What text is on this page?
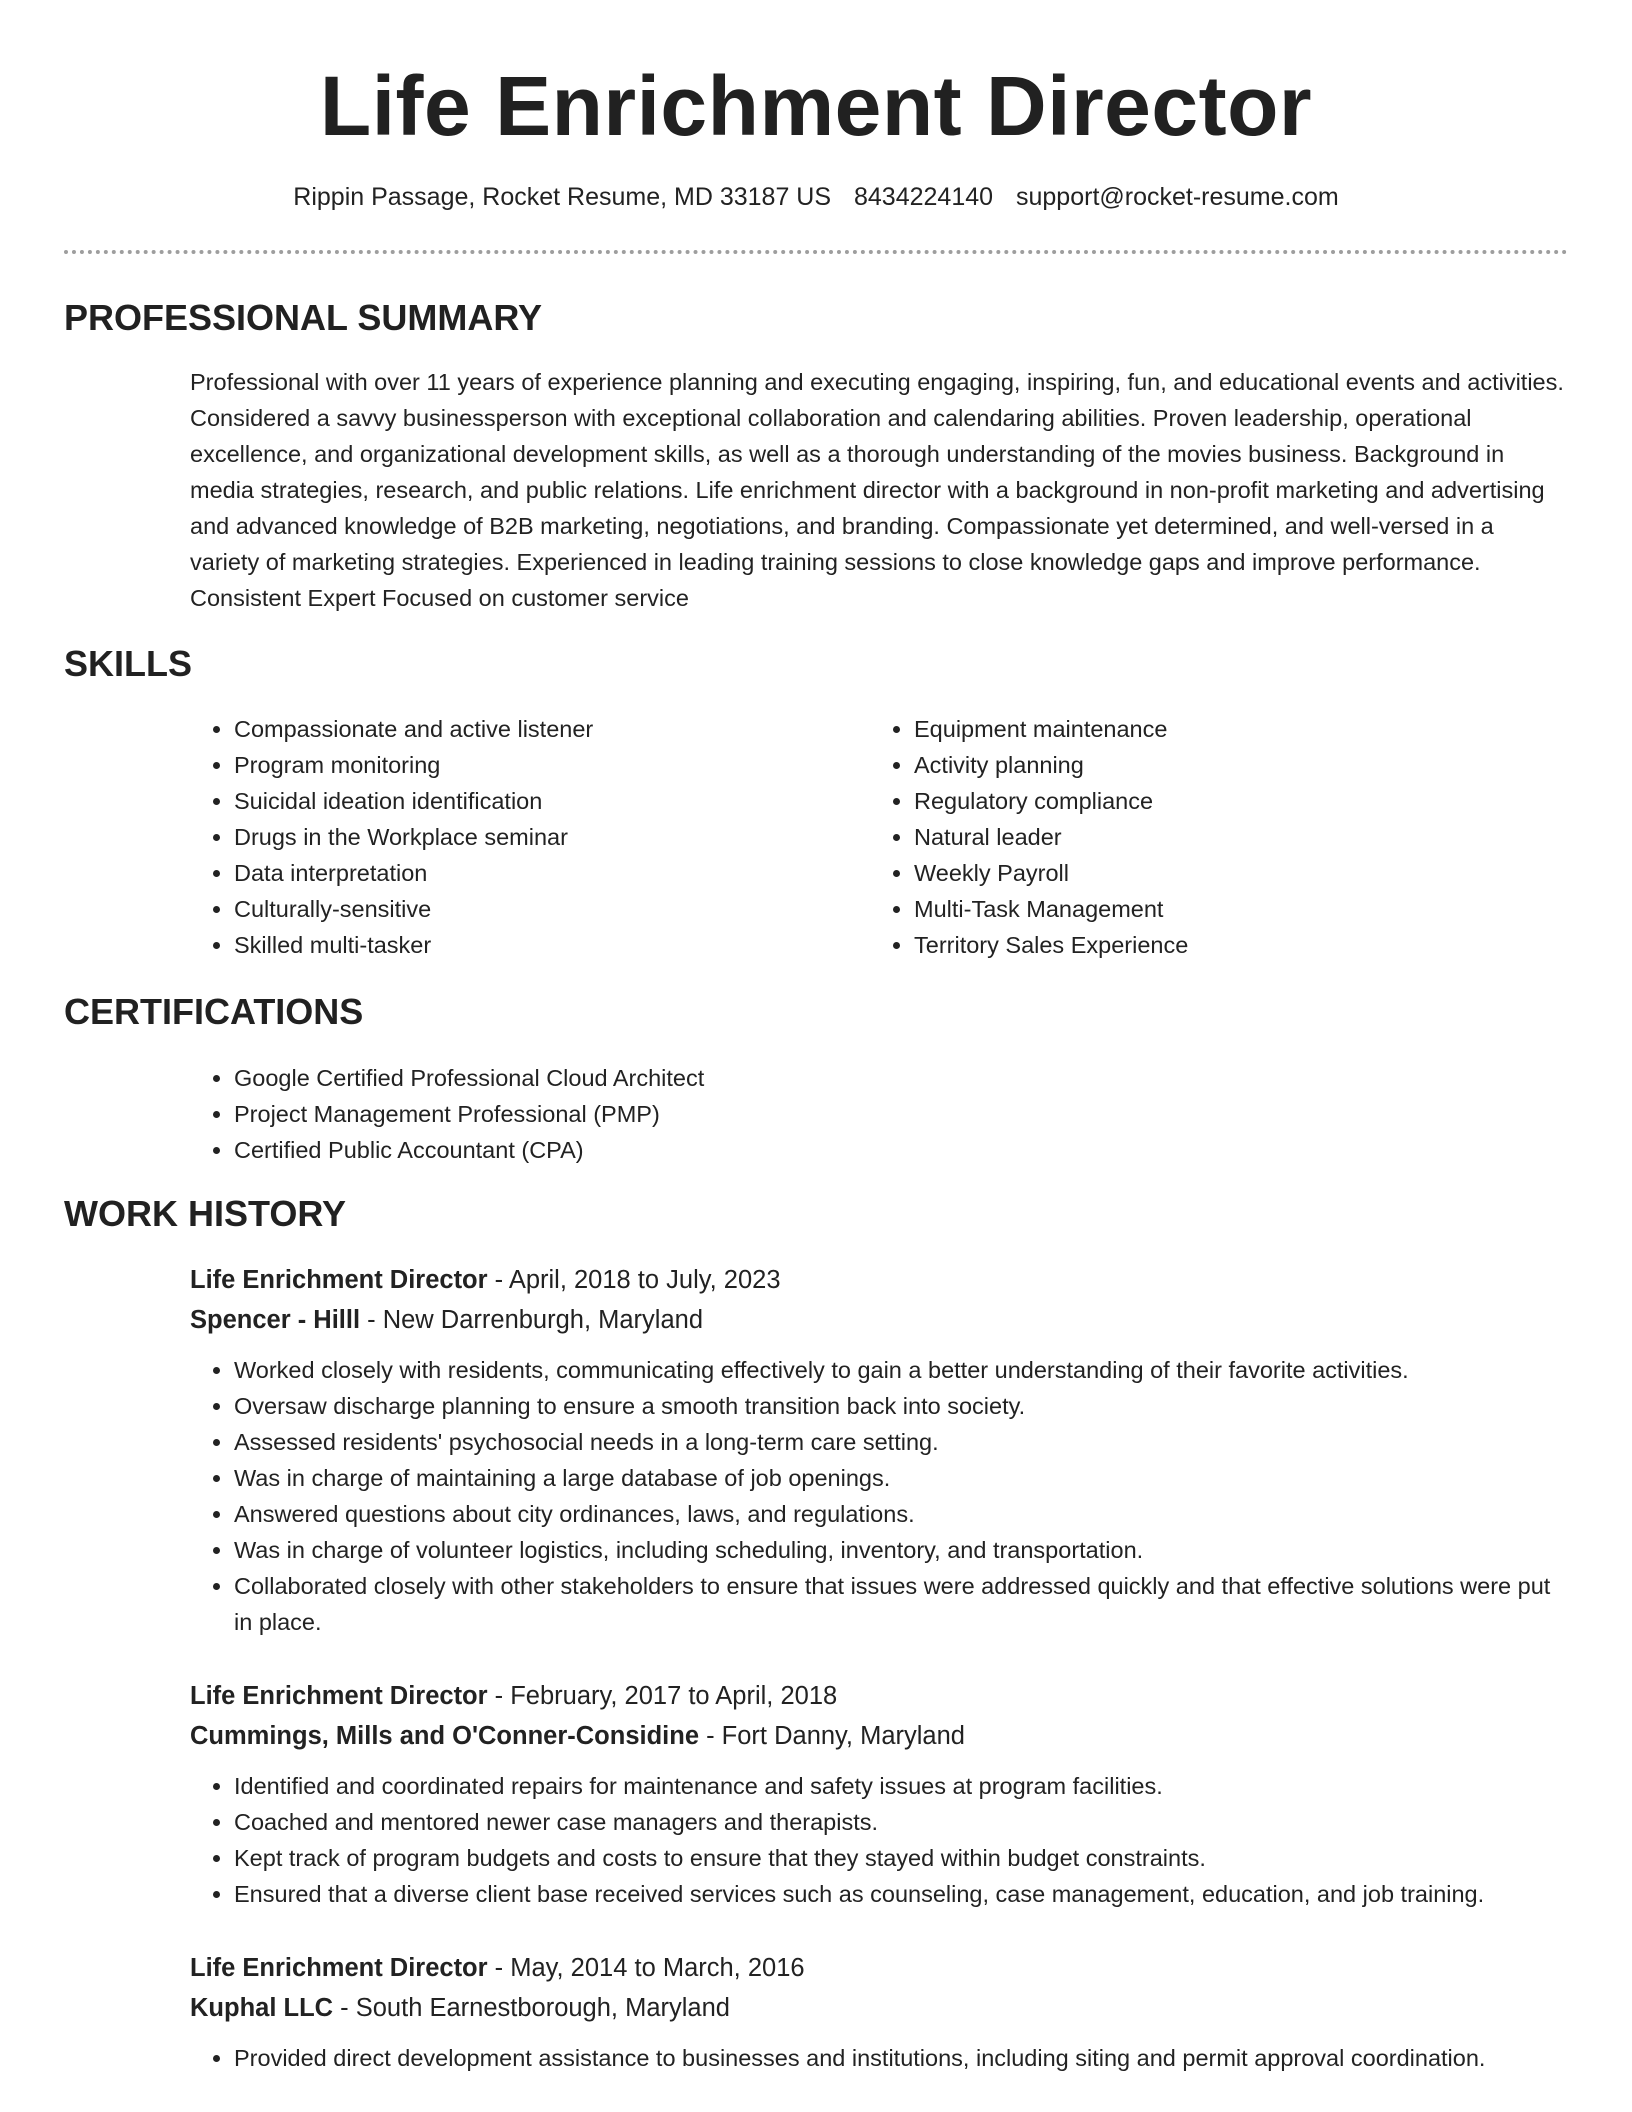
Life Enrichment Director
Rippin Passage, Rocket Resume, MD 33187 US 8434224140 support@rocket-resume.com
PROFESSIONAL SUMMARY

Professional with over 11 years of experience planning and executing engaging, inspiring, fun, and educational events and activities. Considered a savvy businessperson with exceptional collaboration and calendaring abilities. Proven leadership, operational excellence, and organizational development skills, as well as a thorough understanding of the movies business. Background in media strategies, research, and public relations. Life enrichment director with a background in non-profit marketing and advertising and advanced knowledge of B2B marketing, negotiations, and branding. Compassionate yet determined, and well-versed in a variety of marketing strategies. Experienced in leading training sessions to close knowledge gaps and improve performance. Consistent Expert Focused on customer service

SKILLS
• Compassionate and active listener
• Program monitoring
• Suicidal ideation identification
• Drugs in the Workplace seminar
• Data interpretation
• Culturally-sensitive
• Skilled multi-tasker
• Equipment maintenance
• Activity planning
• Regulatory compliance
• Natural leader
• Weekly Payroll
• Multi-Task Management
• Territory Sales Experience
CERTIFICATIONS
• Google Certified Professional Cloud Architect
• Project Management Professional (PMP)
• Certified Public Accountant (CPA)
WORK HISTORY
Life Enrichment Director - April, 2018 to July, 2023
Spencer - Hilll - New Darrenburgh, Maryland
• Worked closely with residents, communicating effectively to gain a better understanding of their favorite activities.
• Oversaw discharge planning to ensure a smooth transition back into society.
• Assessed residents' psychosocial needs in a long-term care setting.
• Was in charge of maintaining a large database of job openings.
• Answered questions about city ordinances, laws, and regulations.
• Was in charge of volunteer logistics, including scheduling, inventory, and transportation.
• Collaborated closely with other stakeholders to ensure that issues were addressed quickly and that effective solutions were put in place.
Life Enrichment Director - February, 2017 to April, 2018
Cummings, Mills and O'Conner-Considine - Fort Danny, Maryland
• Identified and coordinated repairs for maintenance and safety issues at program facilities.
• Coached and mentored newer case managers and therapists.
• Kept track of program budgets and costs to ensure that they stayed within budget constraints.
• Ensured that a diverse client base received services such as counseling, case management, education, and job training.
Life Enrichment Director - May, 2014 to March, 2016
Kuphal LLC - South Earnestborough, Maryland
• Provided direct development assistance to businesses and institutions, including siting and permit approval coordination.
